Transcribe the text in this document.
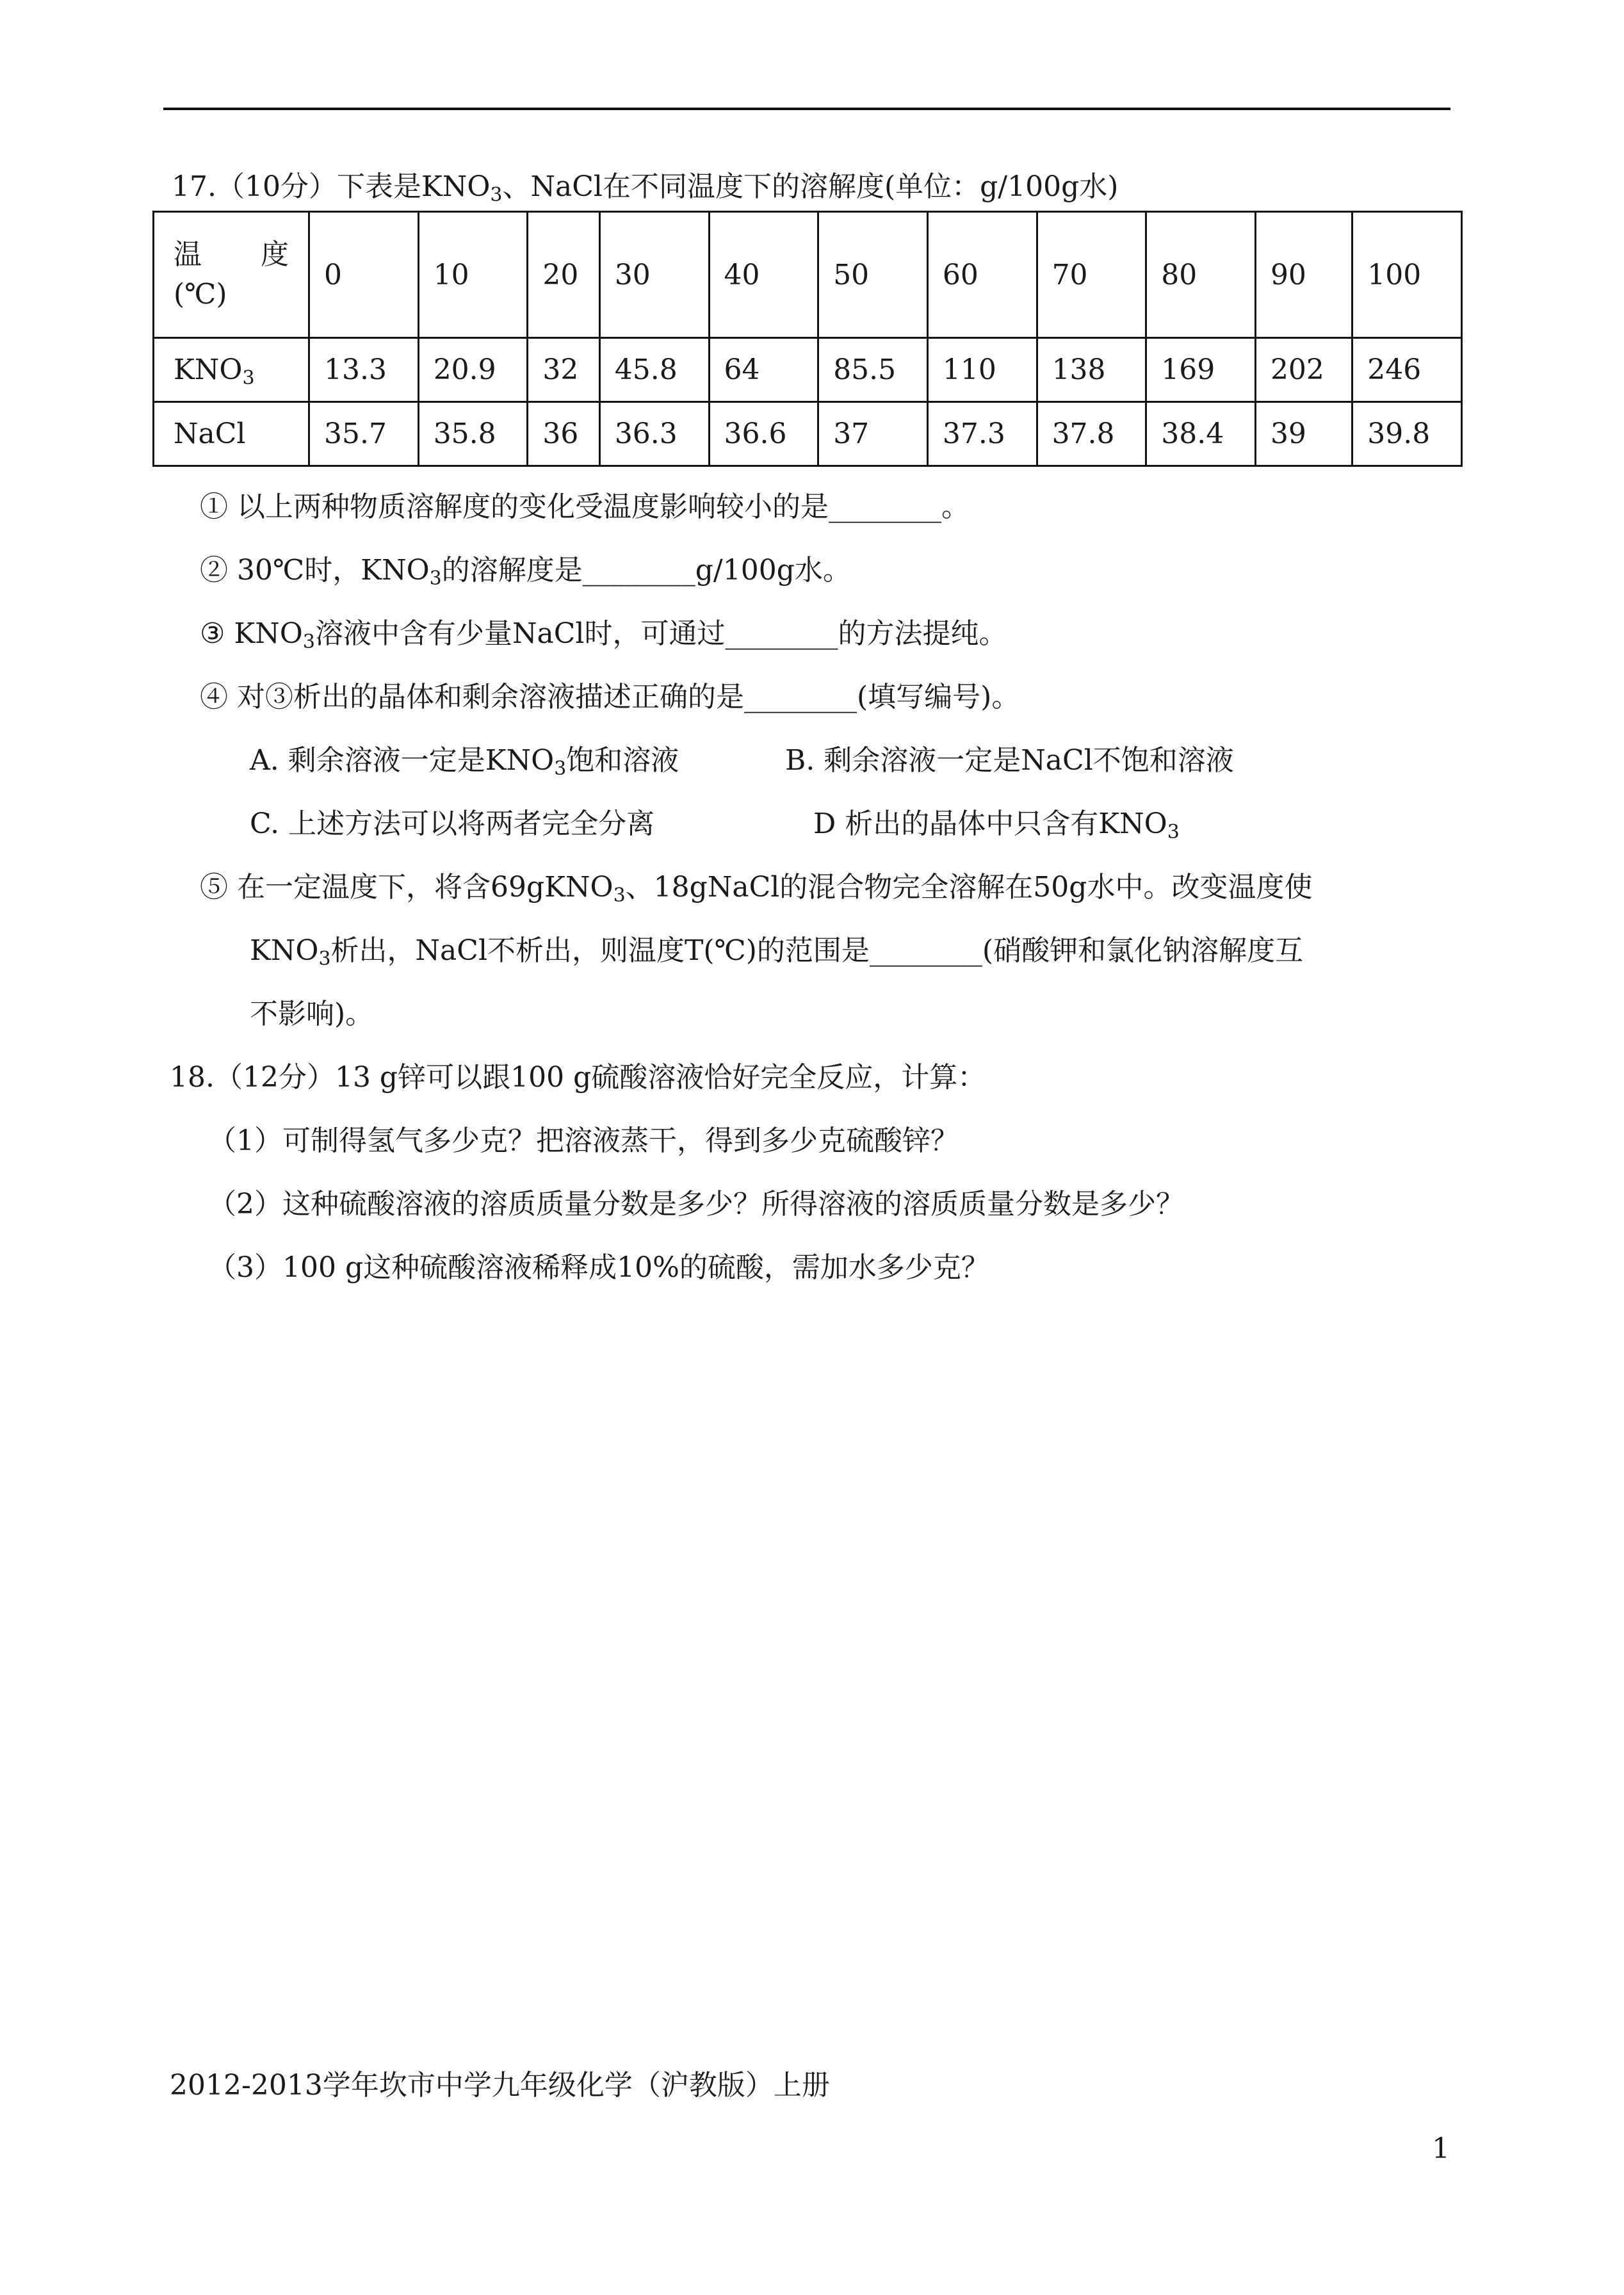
17.（10分）下表是$KNO_3$、NaCl在不同温度下的溶解度(单位：g/100g水)
温 度
(℃)	0	10	20	30	40	50	60	70	80	90	100
$KNO_3$	13.3	20.9	32	45.8	64	85.5	110	138	169	202	246
NaCl	35.7	35.8	36	36.3	36.6	37	37.3	37.8	38.4	39	39.8
① 以上两种物质溶解度的变化受温度影响较小的是________。
② 30℃时，$KNO_3$的溶解度是________g/100g水。
③ $KNO_3$溶液中含有少量NaCl时，可通过________的方法提纯。
④ 对③析出的晶体和剩余溶液描述正确的是________(填写编号)。
A. 剩余溶液一定是$KNO_3$饱和溶液	B. 剩余溶液一定是NaCl不饱和溶液
C. 上述方法可以将两者完全分离	D 析出的晶体中只含有$KNO_3$
⑤ 在一定温度下，将含69gKNO$_3$、18gNaCl的混合物完全溶解在50g水中。改变温度使
$KNO_3$析出，NaCl不析出，则温度T(℃)的范围是________(硝酸钾和氯化钠溶解度互
不影响)。
18.（12分）13 g锌可以跟100 g硫酸溶液恰好完全反应，计算：
（1）可制得氢气多少克？把溶液蒸干，得到多少克硫酸锌？
（2）这种硫酸溶液的溶质质量分数是多少？所得溶液的溶质质量分数是多少？
（3）100 g这种硫酸溶液稀释成10%的硫酸，需加水多少克？
2012-2013学年坎市中学九年级化学（沪教版）上册
1
